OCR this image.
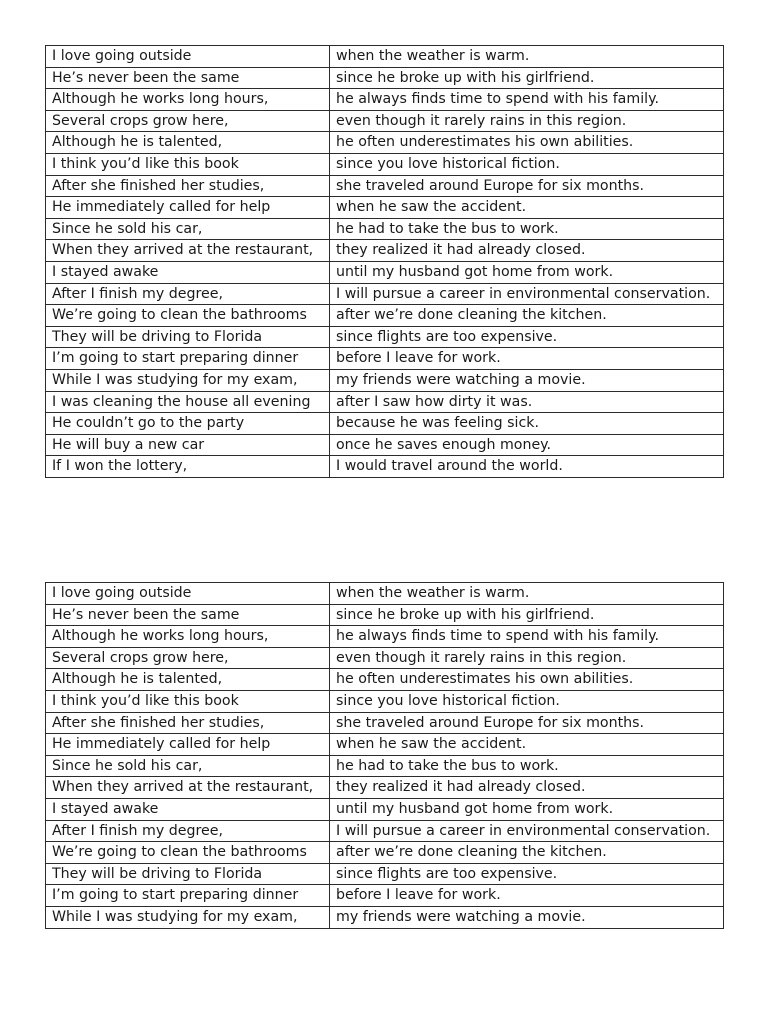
I love going outside	when the weather is warm.
He’s never been the same	since he broke up with his girlfriend.
Although he works long hours,	he always finds time to spend with his family.
Several crops grow here,	even though it rarely rains in this region.
Although he is talented,	he often underestimates his own abilities.
I think you’d like this book	since you love historical fiction.
After she finished her studies,	she traveled around Europe for six months.
He immediately called for help	when he saw the accident.
Since he sold his car,	he had to take the bus to work.
When they arrived at the restaurant,	they realized it had already closed.
I stayed awake	until my husband got home from work.
After I finish my degree,	I will pursue a career in environmental conservation.
We’re going to clean the bathrooms	after we’re done cleaning the kitchen.
They will be driving to Florida	since flights are too expensive.
I’m going to start preparing dinner	before I leave for work.
While I was studying for my exam,	my friends were watching a movie.
I was cleaning the house all evening	after I saw how dirty it was.
He couldn’t go to the party	because he was feeling sick.
He will buy a new car	once he saves enough money.
If I won the lottery,	I would travel around the world.
I love going outside	when the weather is warm.
He’s never been the same	since he broke up with his girlfriend.
Although he works long hours,	he always finds time to spend with his family.
Several crops grow here,	even though it rarely rains in this region.
Although he is talented,	he often underestimates his own abilities.
I think you’d like this book	since you love historical fiction.
After she finished her studies,	she traveled around Europe for six months.
He immediately called for help	when he saw the accident.
Since he sold his car,	he had to take the bus to work.
When they arrived at the restaurant,	they realized it had already closed.
I stayed awake	until my husband got home from work.
After I finish my degree,	I will pursue a career in environmental conservation.
We’re going to clean the bathrooms	after we’re done cleaning the kitchen.
They will be driving to Florida	since flights are too expensive.
I’m going to start preparing dinner	before I leave for work.
While I was studying for my exam,	my friends were watching a movie.
